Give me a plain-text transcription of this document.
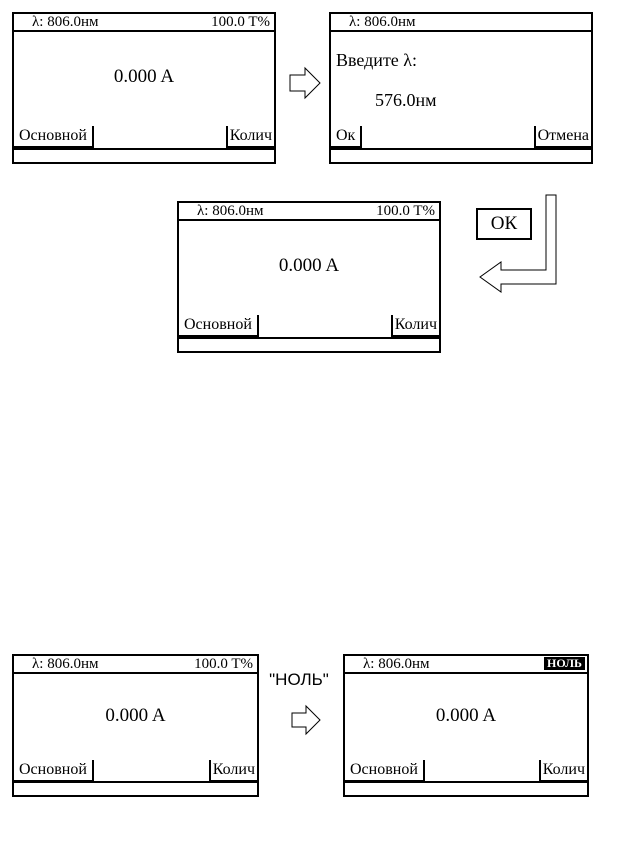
λ: 806.0нм	100.0 T%
0.000 A
Основной	Колич
λ: 806.0нм
Введите λ:
576.0нм
Ок	Отмена
ОК
λ: 806.0нм	100.0 T%
0.000 A
Основной	Колич
λ: 806.0нм	100.0 T%
0.000 A
Основной	Колич
"НОЛЬ"
λ: 806.0нм	НОЛЬ
0.000 A
Основной	Колич
